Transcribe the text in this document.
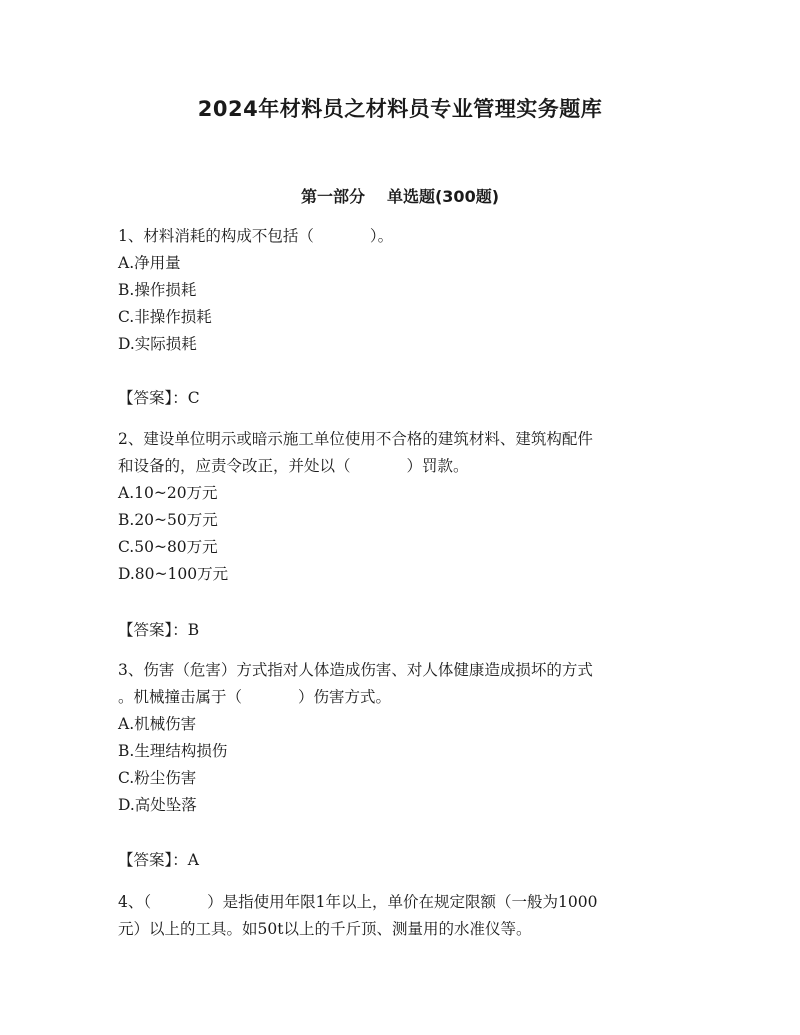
2024年材料员之材料员专业管理实务题库
第一部分 单选题(300题)

1、材料消耗的构成不包括（	）。

A.净用量

B.操作损耗

C.非操作损耗

D.实际损耗

【答案】：C

2、建设单位明示或暗示施工单位使用不合格的建筑材料、建筑构配件

和设备的，应责令改正，并处以（	）罚款。

A.10~20万元

B.20~50万元

C.50~80万元

D.80~100万元

【答案】：B

3、伤害（危害）方式指对人体造成伤害、对人体健康造成损坏的方式

。机械撞击属于（	）伤害方式。

A.机械伤害

B.生理结构损伤

C.粉尘伤害

D.高处坠落

【答案】：A

4、（	）是指使用年限1年以上，单价在规定限额（一般为1000

元）以上的工具。如50t以上的千斤顶、测量用的水准仪等。
